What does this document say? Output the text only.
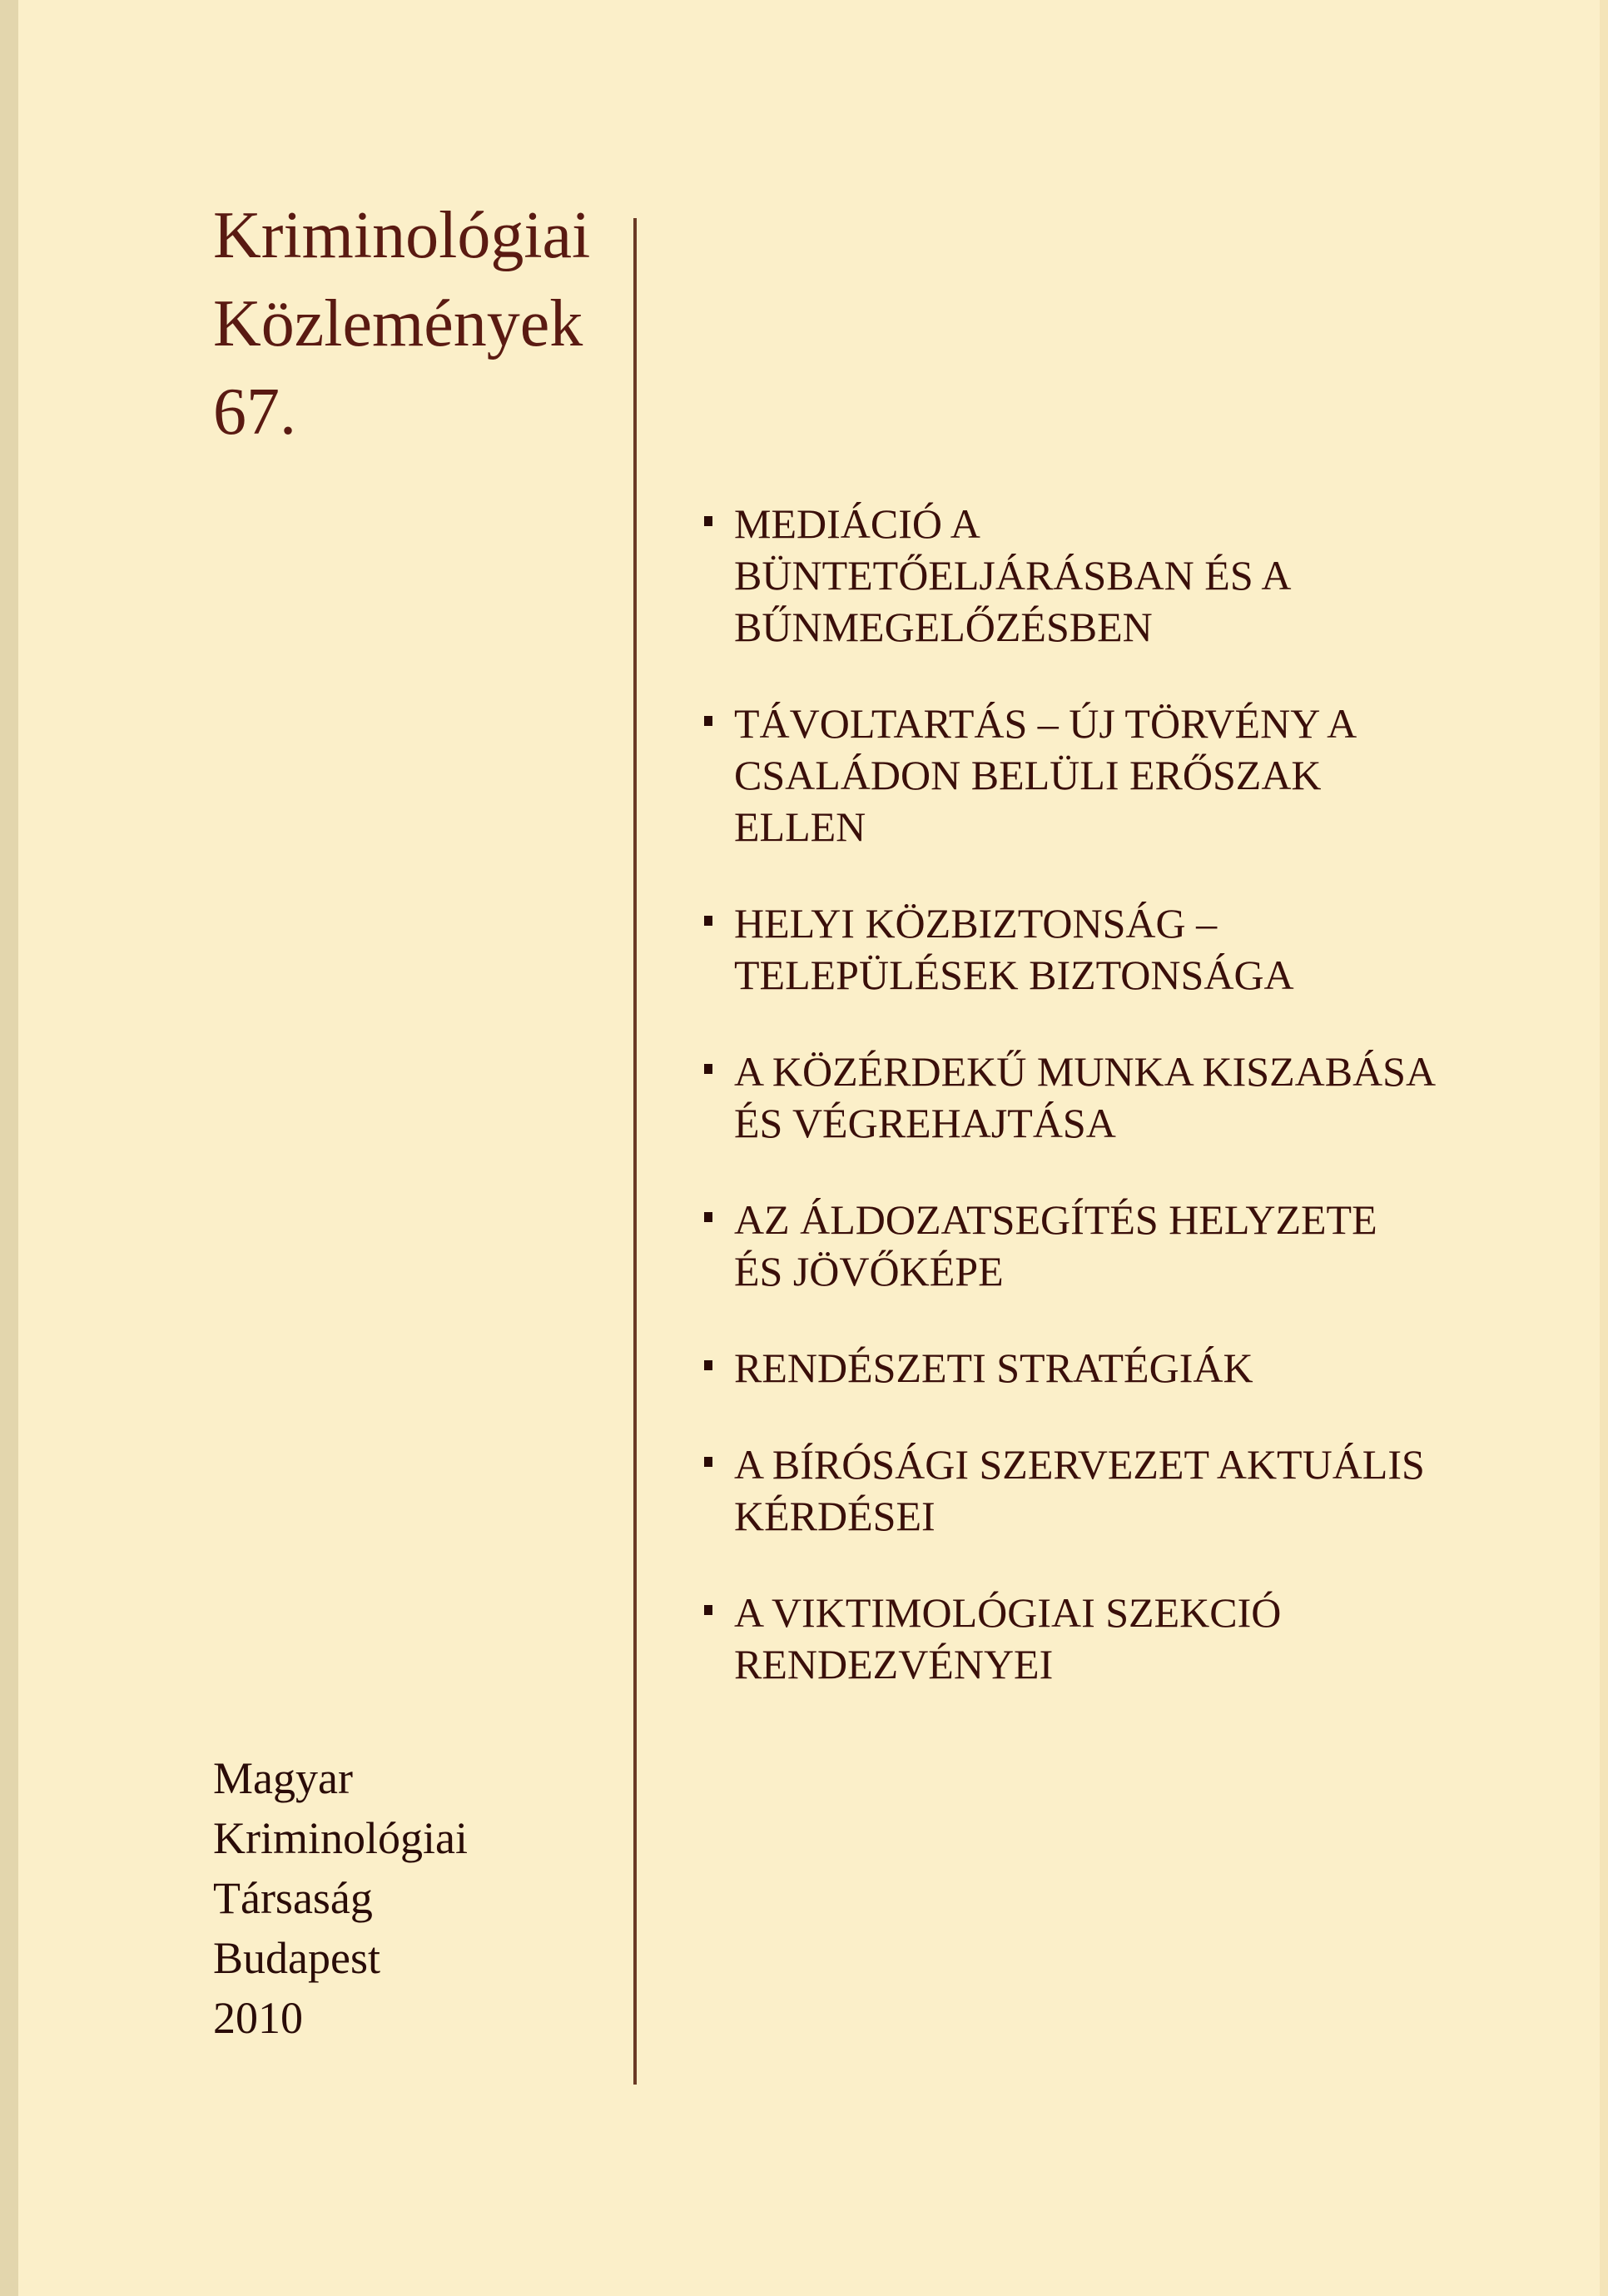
Kriminológiai
Közlemények
67.
MEDIÁCIÓ A
BÜNTETŐELJÁRÁSBAN ÉS A
BŰNMEGELŐZÉSBEN
TÁVOLTARTÁS – ÚJ TÖRVÉNY A
CSALÁDON BELÜLI ERŐSZAK
ELLEN
HELYI KÖZBIZTONSÁG –
TELEPÜLÉSEK BIZTONSÁGA
A KÖZÉRDEKŰ MUNKA KISZABÁSA
ÉS VÉGREHAJTÁSA
AZ ÁLDOZATSEGÍTÉS HELYZETE
ÉS JÖVŐKÉPE
RENDÉSZETI STRATÉGIÁK
A BÍRÓSÁGI SZERVEZET AKTUÁLIS
KÉRDÉSEI
A VIKTIMOLÓGIAI SZEKCIÓ
RENDEZVÉNYEI
Magyar
Kriminológiai
Társaság
Budapest
2010
